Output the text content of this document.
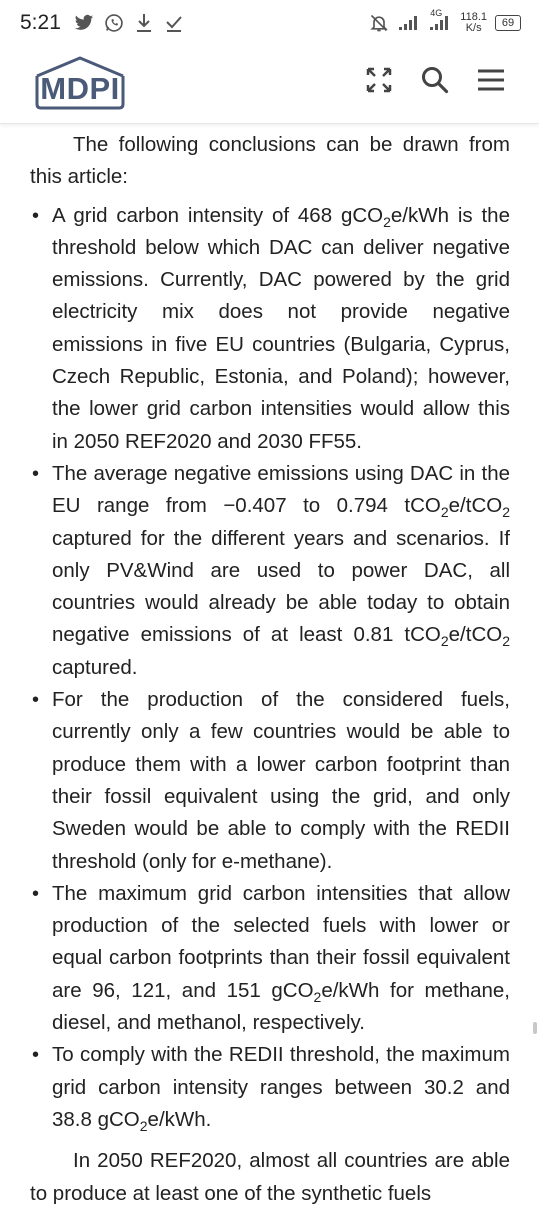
5:21	4G 118.1
K/s	69
MDPI

The following conclusions can be drawn from this article:

• A grid carbon intensity of 468 gCO$_2$e/kWh is the threshold below which DAC can deliver negative emissions. Currently, DAC powered by the grid electricity mix does not provide negative emissions in five EU countries (Bulgaria, Cyprus, Czech Republic, Estonia, and Poland); however, the lower grid carbon intensities would allow this in 2050 REF2020 and 2030 FF55.
• The average negative emissions using DAC in the EU range from −0.407 to 0.794 tCO$_2$e/tCO$_2$ captured for the different years and scenarios. If only PV&Wind are used to power DAC, all countries would already be able today to obtain negative emissions of at least 0.81 tCO$_2$e/tCO$_2$ captured.
• For the production of the considered fuels, currently only a few countries would be able to produce them with a lower carbon footprint than their fossil equivalent using the grid, and only Sweden would be able to comply with the REDII threshold (only for e-methane).
• The maximum grid carbon intensities that allow production of the selected fuels with lower or equal carbon footprints than their fossil equivalent are 96, 121, and 151 gCO$_2$e/kWh for methane, diesel, and methanol, respectively.
• To comply with the REDII threshold, the maximum grid carbon intensity ranges between 30.2 and 38.8 gCO$_2$e/kWh.

In 2050 REF2020, almost all countries are able to produce at least one of the synthetic fuels
